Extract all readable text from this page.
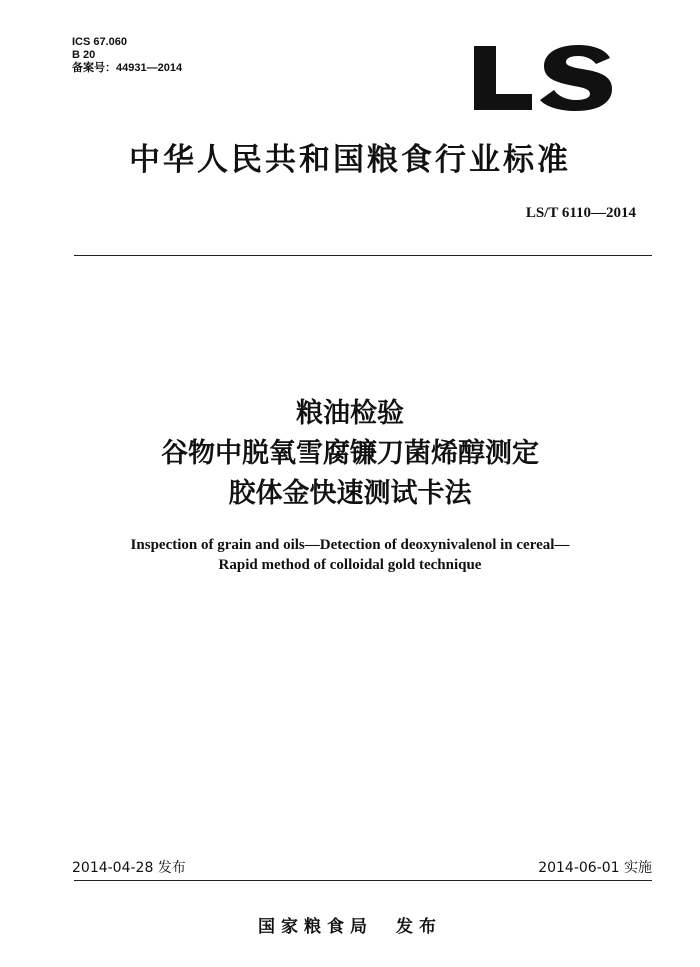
ICS 67.060
B 20
备案号：44931—2014
中华人民共和国粮食行业标准
LS/T 6110—2014
粮油检验
谷物中脱氧雪腐镰刀菌烯醇测定
胶体金快速测试卡法
Inspection of grain and oils—Detection of deoxynivalenol in cereal—
Rapid method of colloidal gold technique
2014-04-28 发布	2014-06-01 实施
国家粮食局　发布
